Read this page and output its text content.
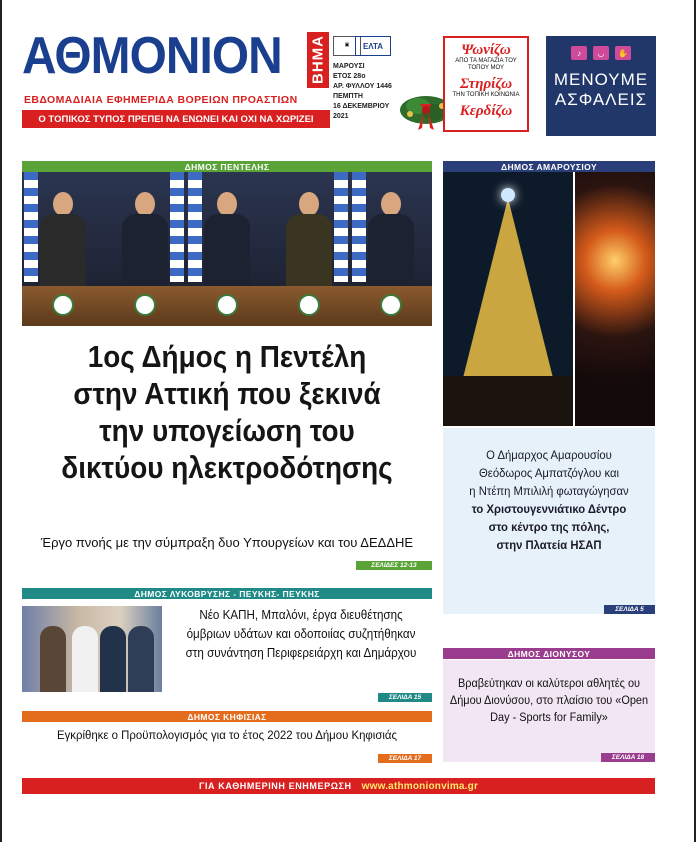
ΑΘΜΟΝΙΟΝ ΒΗΜΑ
ΕΒΔΟΜΑΔΙΑΙΑ ΕΦΗΜΕΡΙΔΑ ΒΟΡΕΙΩΝ ΠΡΟΑΣΤΙΩΝ
Ο ΤΟΠΙΚΟΣ ΤΥΠΟΣ ΠΡΕΠΕΙ ΝΑ ΕΝΩΝΕΙ ΚΑΙ ΟΧΙ ΝΑ ΧΩΡΙΖΕΙ
▣
ΜΑΡΟΥΣΙ
ΕΤΟΣ 28ο
ΑΡ. ΦΥΛΛΟΥ 1446
ΠΕΜΠΤΗ
16 ΔΕΚΕΜΒΡΙΟΥ
2021
ΕΛΤΑ	Ψωνίζω
ΑΠΟ ΤΑ ΜΑΓΑΖΙΑ ΤΟΥ ΤΟΠΟΥ ΜΟΥ
Στηρίζω
ΤΗΝ ΤΟΠΙΚΗ ΚΟΙΝΩΝΙΑ
Κερδίζω
♪	◡	✋
ΜΕΝΟΥΜΕ
ΑΣΦΑΛΕΙΣ
ΔΗΜΟΣ ΠΕΝΤΕΛΗΣ
1ος Δήμος η Πεντέλη
στην Αττική που ξεκινά
την υπογείωση του
δικτύου ηλεκτροδότησης
Έργο πνοής με την σύμπραξη δυο Υπουργείων και του ΔΕΔΔΗΕ
ΣΕΛΙΔΕΣ 12-13
ΔΗΜΟΣ ΑΜΑΡΟΥΣΙΟΥ
Ο Δήμαρχος Αμαρουσίου
Θεόδωρος Αμπατζόγλου και
η Ντέπη Μπιλιλή φωταγώγησαν
το Χριστουγεννιάτικο Δέντρο
στο κέντρο της πόλης,
στην Πλατεία ΗΣΑΠ
ΣΕΛΙΔΑ 5
ΔΗΜΟΣ ΛΥΚΟΒΡΥΣΗΣ - ΠΕΥΚΗΣ- ΠΕΥΚΗΣ
Νέο ΚΑΠΗ, Μπαλόνι, έργα διευθέτησης όμβριων υδάτων και οδοποιίας συζητήθηκαν στη συνάντηση Περιφερειάρχη και Δημάρχου
ΣΕΛΙΔΑ 15
ΔΗΜΟΣ ΚΗΦΙΣΙΑΣ
Εγκρίθηκε ο Προϋπολογισμός για το έτος 2022 του Δήμου Κηφισιάς
ΣΕΛΙΔΑ 17
ΔΗΜΟΣ ΔΙΟΝΥΣΟΥ
Βραβεύτηκαν οι καλύτεροι αθλητές ου Δήμου Διονύσου, στο πλαίσιο του «Open Day - Sports for Family»
ΣΕΛΙΔΑ 18
ΓΙΑ ΚΑΘΗΜΕΡΙΝΗ ΕΝΗΜΕΡΩΣΗ www.athmonionvima.gr
